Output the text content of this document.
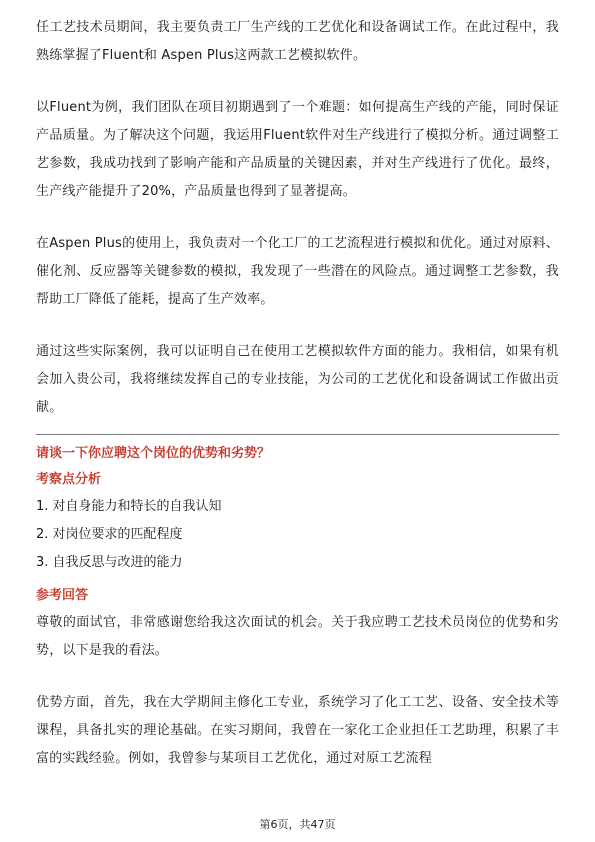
任工艺技术员期间，我主要负责工厂生产线的工艺优化和设备调试工作。在此过程中，我熟练掌握了Fluent和 Aspen Plus这两款工艺模拟软件。

以Fluent为例，我们团队在项目初期遇到了一个难题：如何提高生产线的产能，同时保证产品质量。为了解决这个问题，我运用Fluent软件对生产线进行了模拟分析。通过调整工艺参数，我成功找到了影响产能和产品质量的关键因素，并对生产线进行了优化。最终，生产线产能提升了20%，产品质量也得到了显著提高。

在Aspen Plus的使用上，我负责对一个化工厂的工艺流程进行模拟和优化。通过对原料、催化剂、反应器等关键参数的模拟，我发现了一些潜在的风险点。通过调整工艺参数，我帮助工厂降低了能耗，提高了生产效率。

通过这些实际案例，我可以证明自己在使用工艺模拟软件方面的能力。我相信，如果有机会加入贵公司，我将继续发挥自己的专业技能，为公司的工艺优化和设备调试工作做出贡献。

请谈一下你应聘这个岗位的优势和劣势？

考察点分析

1. 对自身能力和特长的自我认知
2. 对岗位要求的匹配程度
3. 自我反思与改进的能力

参考回答

尊敬的面试官，非常感谢您给我这次面试的机会。关于我应聘工艺技术员岗位的优势和劣势，以下是我的看法。

优势方面，首先，我在大学期间主修化工专业，系统学习了化工工艺、设备、安全技术等课程，具备扎实的理论基础。在实习期间，我曾在一家化工企业担任工艺助理，积累了丰富的实践经验。例如，我曾参与某项目工艺优化，通过对原工艺流程

第6页，共47页
